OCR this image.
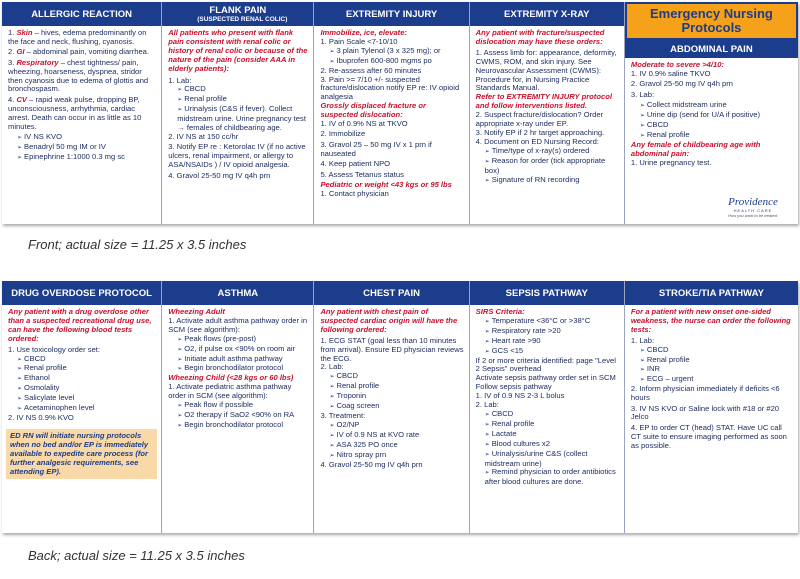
ALLERGIC REACTION
1. Skin – hives, edema predominantly on the face and neck, flushing, cyanosis.
2. GI – abdominal pain, vomiting diarrhea.
3. Respiratory – chest tightness/ pain, wheezing, hoarseness, dyspnea, stridor then cyanosis due to edema of glottis and bronchospasm.
4. CV – rapid weak pulse, dropping BP, unconsciousness, arrhythmia, cardiac arrest. Death can occur in as little as 10 minutes.
➢ IV NS KVO
➢ Benadryl 50 mg IM or IV
➢ Epinephrine 1:1000 0.3 mg sc
FLANK PAIN
(SUSPECTED RENAL COLIC)
All patients who present with flank pain consistent with renal colic or history of renal colic or because of the nature of the pain (consider AAA in elderly patients):
1. Lab:
➢ CBCD
➢ Renal profile
➢ Urinalysis (C&S if fever). Collect midstream urine. Urine pregnancy test → females of childbearing age.
2. IV NS at 150 cc/hr
3. Notify EP re : Ketorolac IV (if no active ulcers, renal impairment, or allergy to ASA/NSAIDs ) / IV opioid analgesia.
4. Gravol 25-50 mg IV q4h prn
EXTREMITY INJURY
Immobilize, ice, elevate:
1. Pain Scale <7-10/10
➢ 3 plain Tylenol (3 x 325 mg); or
➢ Ibuprofen 600-800 mgms po
2. Re-assess after 60 minutes
3. Pain >= 7/10 +/- suspected fracture/dislocation notify EP re: IV opioid analgesia
Grossly displaced fracture or suspected dislocation:
1. IV of 0.9% NS at TKVO
2. Immobilize
3. Gravol 25 – 50 mg IV x 1 prn if nauseated
4. Keep patient NPO
5. Assess Tetanus status
Pediatric or weight <43 kgs or 95 lbs
1. Contact physician
EXTREMITY X-RAY
Any patient with fracture/suspected dislocation may have these orders:
1. Assess limb for: appearance, deformity, CWMS, ROM, and skin injury. See Neurovascular Assessment (CWMS): Procedure for, in Nursing Practice Standards Manual.
Refer to EXTREMITY INJURY protocol and follow interventions listed.
2. Suspect fracture/dislocation? Order appropriate x-ray under EP.
3. Notify EP if 2 hr target approaching.
4. Document on ED Nursing Record:
➢ Time/type of x-ray(s) ordered
➢ Reason for order (tick appropriate box)
➢ Signature of RN recording
Emergency Nursing Protocols
ABDOMINAL PAIN
Moderate to severe >4/10:
1. IV 0.9% saline TKVO
2. Gravol 25-50 mg IV q4h prn
3. Lab:
➢ Collect midstream urine
➢ Urine dip (send for U/A if positive)
➢ CBCD
➢ Renal profile
Any female of childbearing age with abdominal pain:
1. Urine pregnancy test.
Providence
HEALTH CARE
How you want to be treated.
Front; actual size = 11.25 x 3.5 inches
DRUG OVERDOSE PROTOCOL
Any patient with a drug overdose other than a suspected recreational drug use, can have the following blood tests ordered:
1. Use toxicology order set:
➢ CBCD
➢ Renal profile
➢ Ethanol
➢ Osmolality
➢ Salicylate level
➢ Acetaminophen level
2. IV NS 0.9% KVO
ED RN will initiate nursing protocols when no bed and/or EP is immediately available to expedite care process (for further analgesic requirements, see attending EP).
ASTHMA
Wheezing Adult
1. Activate adult asthma pathway order in SCM (see algorithm):
➢ Peak flows (pre-post)
➢ O2, if pulse ox <90% on room air
➢ Initiate adult asthma pathway
➢ Begin bronchodilator protocol
Wheezing Child (<28 kgs or 60 lbs)
1. Activate pediatric asthma pathway order in SCM (see algorithm):
➢ Peak flow if possible
➢ O2 therapy if SaO2 <90% on RA
➢ Begin bronchodilator protocol
CHEST PAIN
Any patient with chest pain of suspected cardiac origin will have the following ordered:
1. ECG STAT (goal less than 10 minutes from arrival). Ensure ED physician reviews the ECG.
2. Lab:
➢ CBCD
➢ Renal profile
➢ Troponin
➢ Coag screen
3. Treatment:
➢ O2/NP
➢ IV of 0.9 NS at KVO rate
➢ ASA 325 PO once
➢ Nitro spray prn
4. Gravol 25-50 mg IV q4h prn
SEPSIS PATHWAY
SIRS Criteria:
➢ Temperature <36°C or >38°C
➢ Respiratory rate >20
➢ Heart rate >90
➢ GCS <15
If 2 or more criteria identified: page "Level 2 Sepsis" overhead
Activate sepsis pathway order set in SCM
Follow sepsis pathway
1. IV of 0.9 NS 2-3 L bolus
2. Lab:
➢ CBCD
➢ Renal profile
➢ Lactate
➢ Blood cultures x2
➢ Urinalysis/urine C&S (collect midstream urine)
➢ Remind physician to order antibiotics after blood cultures are done.
STROKE/TIA PATHWAY
For a patient with new onset one-sided weakness, the nurse can order the following tests:
1. Lab:
➢ CBCD
➢ Renal profile
➢ INR
➢ ECG – urgent
2. Inform physician immediately if deficits <6 hours
3. IV NS KVO or Saline lock with #18 or #20 Jelco
4. EP to order CT (head) STAT. Have UC call CT suite to ensure imaging performed as soon as possible.
Back; actual size = 11.25 x 3.5 inches
